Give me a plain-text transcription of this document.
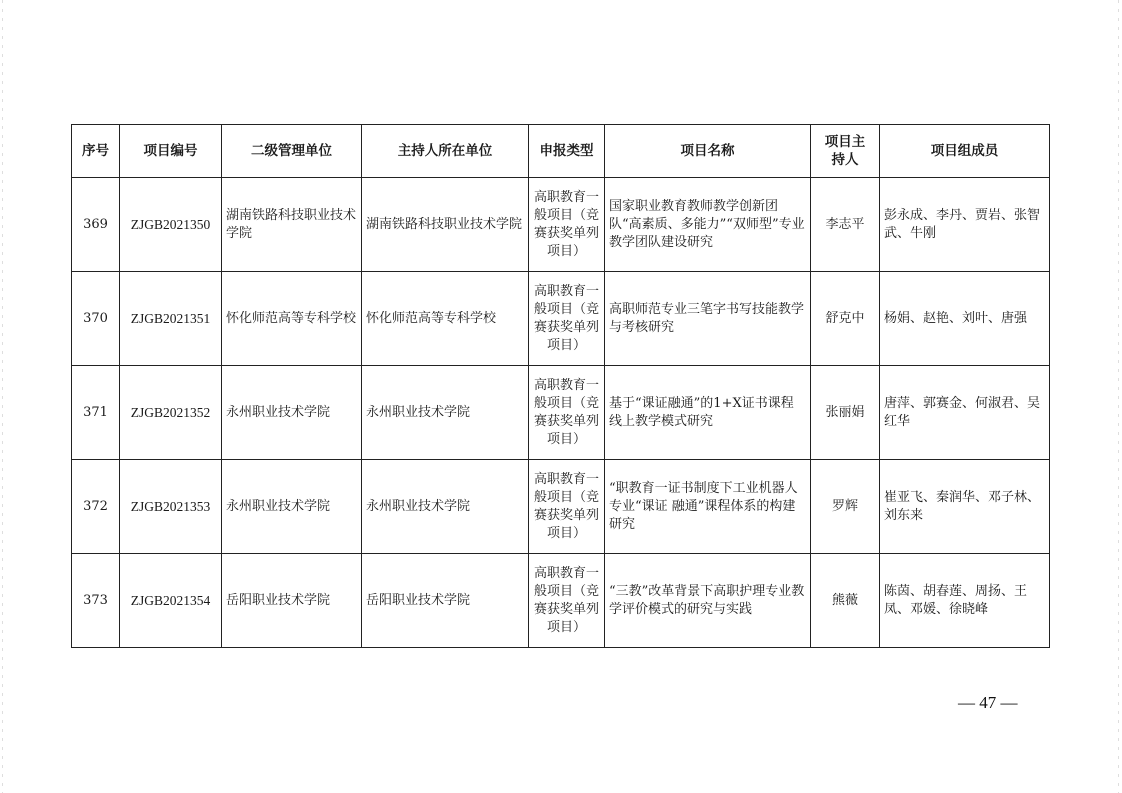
序号	项目编号	二级管理单位	主持人所在单位	申报类型	项目名称	项目主持人	项目组成员
369	ZJGB2021350	湖南铁路科技职业技术学院	湖南铁路科技职业技术学院	高职教育一般项目（竞赛获奖单列项目）	国家职业教育教师教学创新团队“高素质、多能力”“双师型”专业教学团队建设研究	李志平	彭永成、李丹、贾岩、张智武、牛刚
370	ZJGB2021351	怀化师范高等专科学校	怀化师范高等专科学校	高职教育一般项目（竞赛获奖单列项目）	高职师范专业三笔字书写技能教学与考核研究	舒克中	杨娟、赵艳、刘叶、唐强
371	ZJGB2021352	永州职业技术学院	永州职业技术学院	高职教育一般项目（竞赛获奖单列项目）	基于“课证融通”的1+X证书课程线上教学模式研究	张丽娟	唐萍、郭赛金、何淑君、吴红华
372	ZJGB2021353	永州职业技术学院	永州职业技术学院	高职教育一般项目（竞赛获奖单列项目）	“职教育一证书制度下工业机器人专业“课证 融通”课程体系的构建研究	罗辉	崔亚飞、秦润华、邓子林、刘东来
373	ZJGB2021354	岳阳职业技术学院	岳阳职业技术学院	高职教育一般项目（竞赛获奖单列项目）	“三教”改革背景下高职护理专业教学评价模式的研究与实践	熊薇	陈茵、胡春莲、周扬、王凤、邓媛、徐晓峰
— 47 —
